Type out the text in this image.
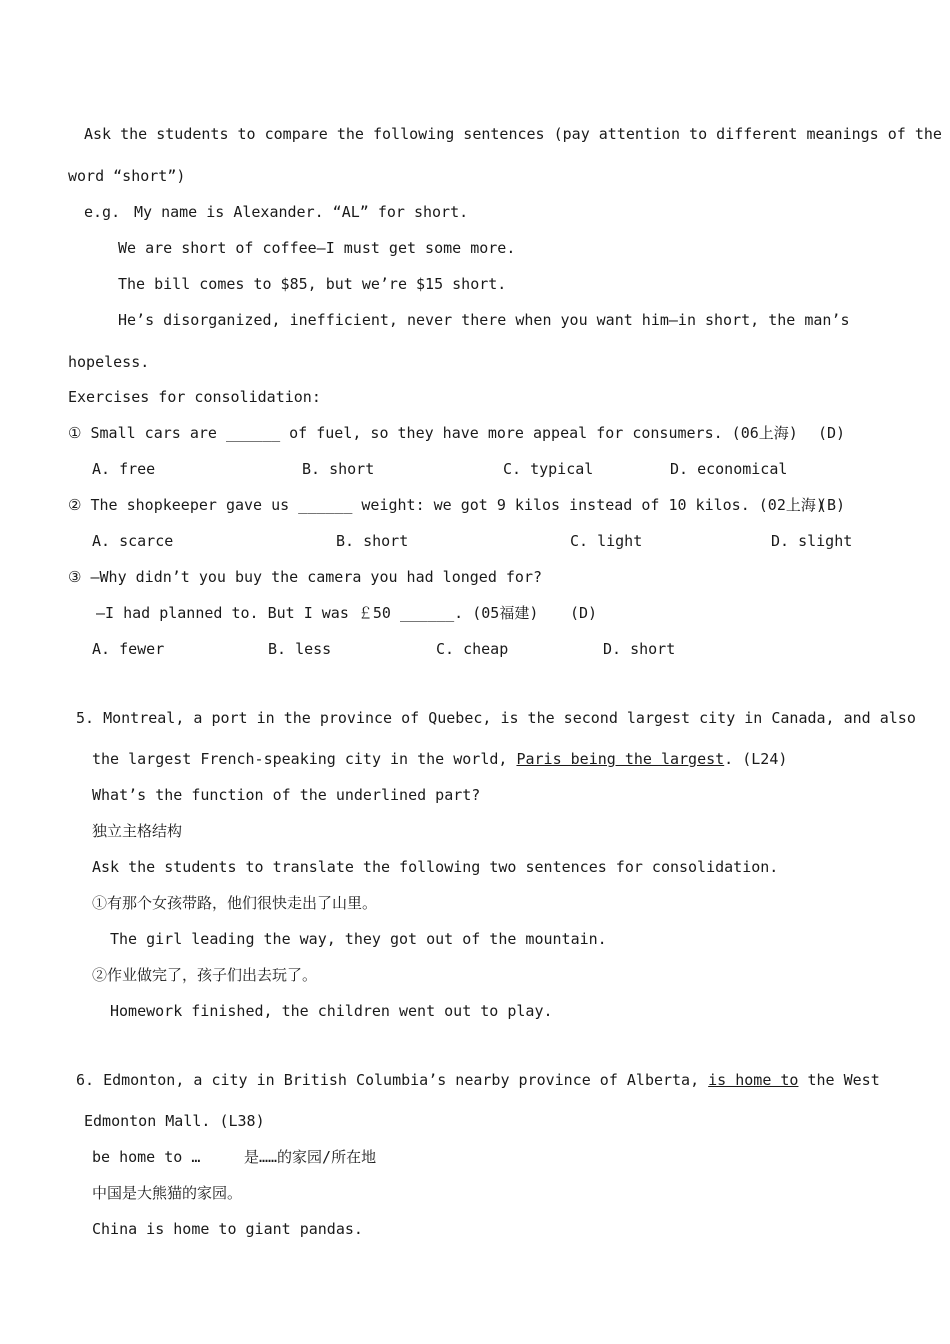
Ask the students to compare the following sentences (pay attention to different meanings of the
word “short”)
e.g. My name is Alexander. “AL” for short.
We are short of coffee—I must get some more.
The bill comes to $85, but we’re $15 short.
He’s disorganized, inefficient, never there when you want him—in short, the man’s
hopeless.
Exercises for consolidation:
① Small cars are ______ of fuel, so they have more appeal for consumers. (06上海) (D)
A. free	B. short	C. typical	D. economical
② The shopkeeper gave us ______ weight: we got 9 kilos instead of 10 kilos. (02上海)
(B)
A. scarce	B. short	C. light	D. slight
③ —Why didn’t you buy the camera you had longed for?
—I had planned to. But I was ￡50 ______. (05福建) (D)
A. fewer	B. less	C. cheap	D. short
5. Montreal, a port in the province of Quebec, is the second largest city in Canada, and also
the largest French-speaking city in the world, Paris being the largest. (L24)
What’s the function of the underlined part?
独立主格结构
Ask the students to translate the following two sentences for consolidation.
①有那个女孩带路，他们很快走出了山里。
The girl leading the way, they got out of the mountain.
②作业做完了，孩子们出去玩了。
Homework finished, the children went out to play.
6. Edmonton, a city in British Columbia’s nearby province of Alberta, is home to the West
Edmonton Mall. (L38)
be home to …	是……的家园/所在地
中国是大熊猫的家园。
China is home to giant pandas.
